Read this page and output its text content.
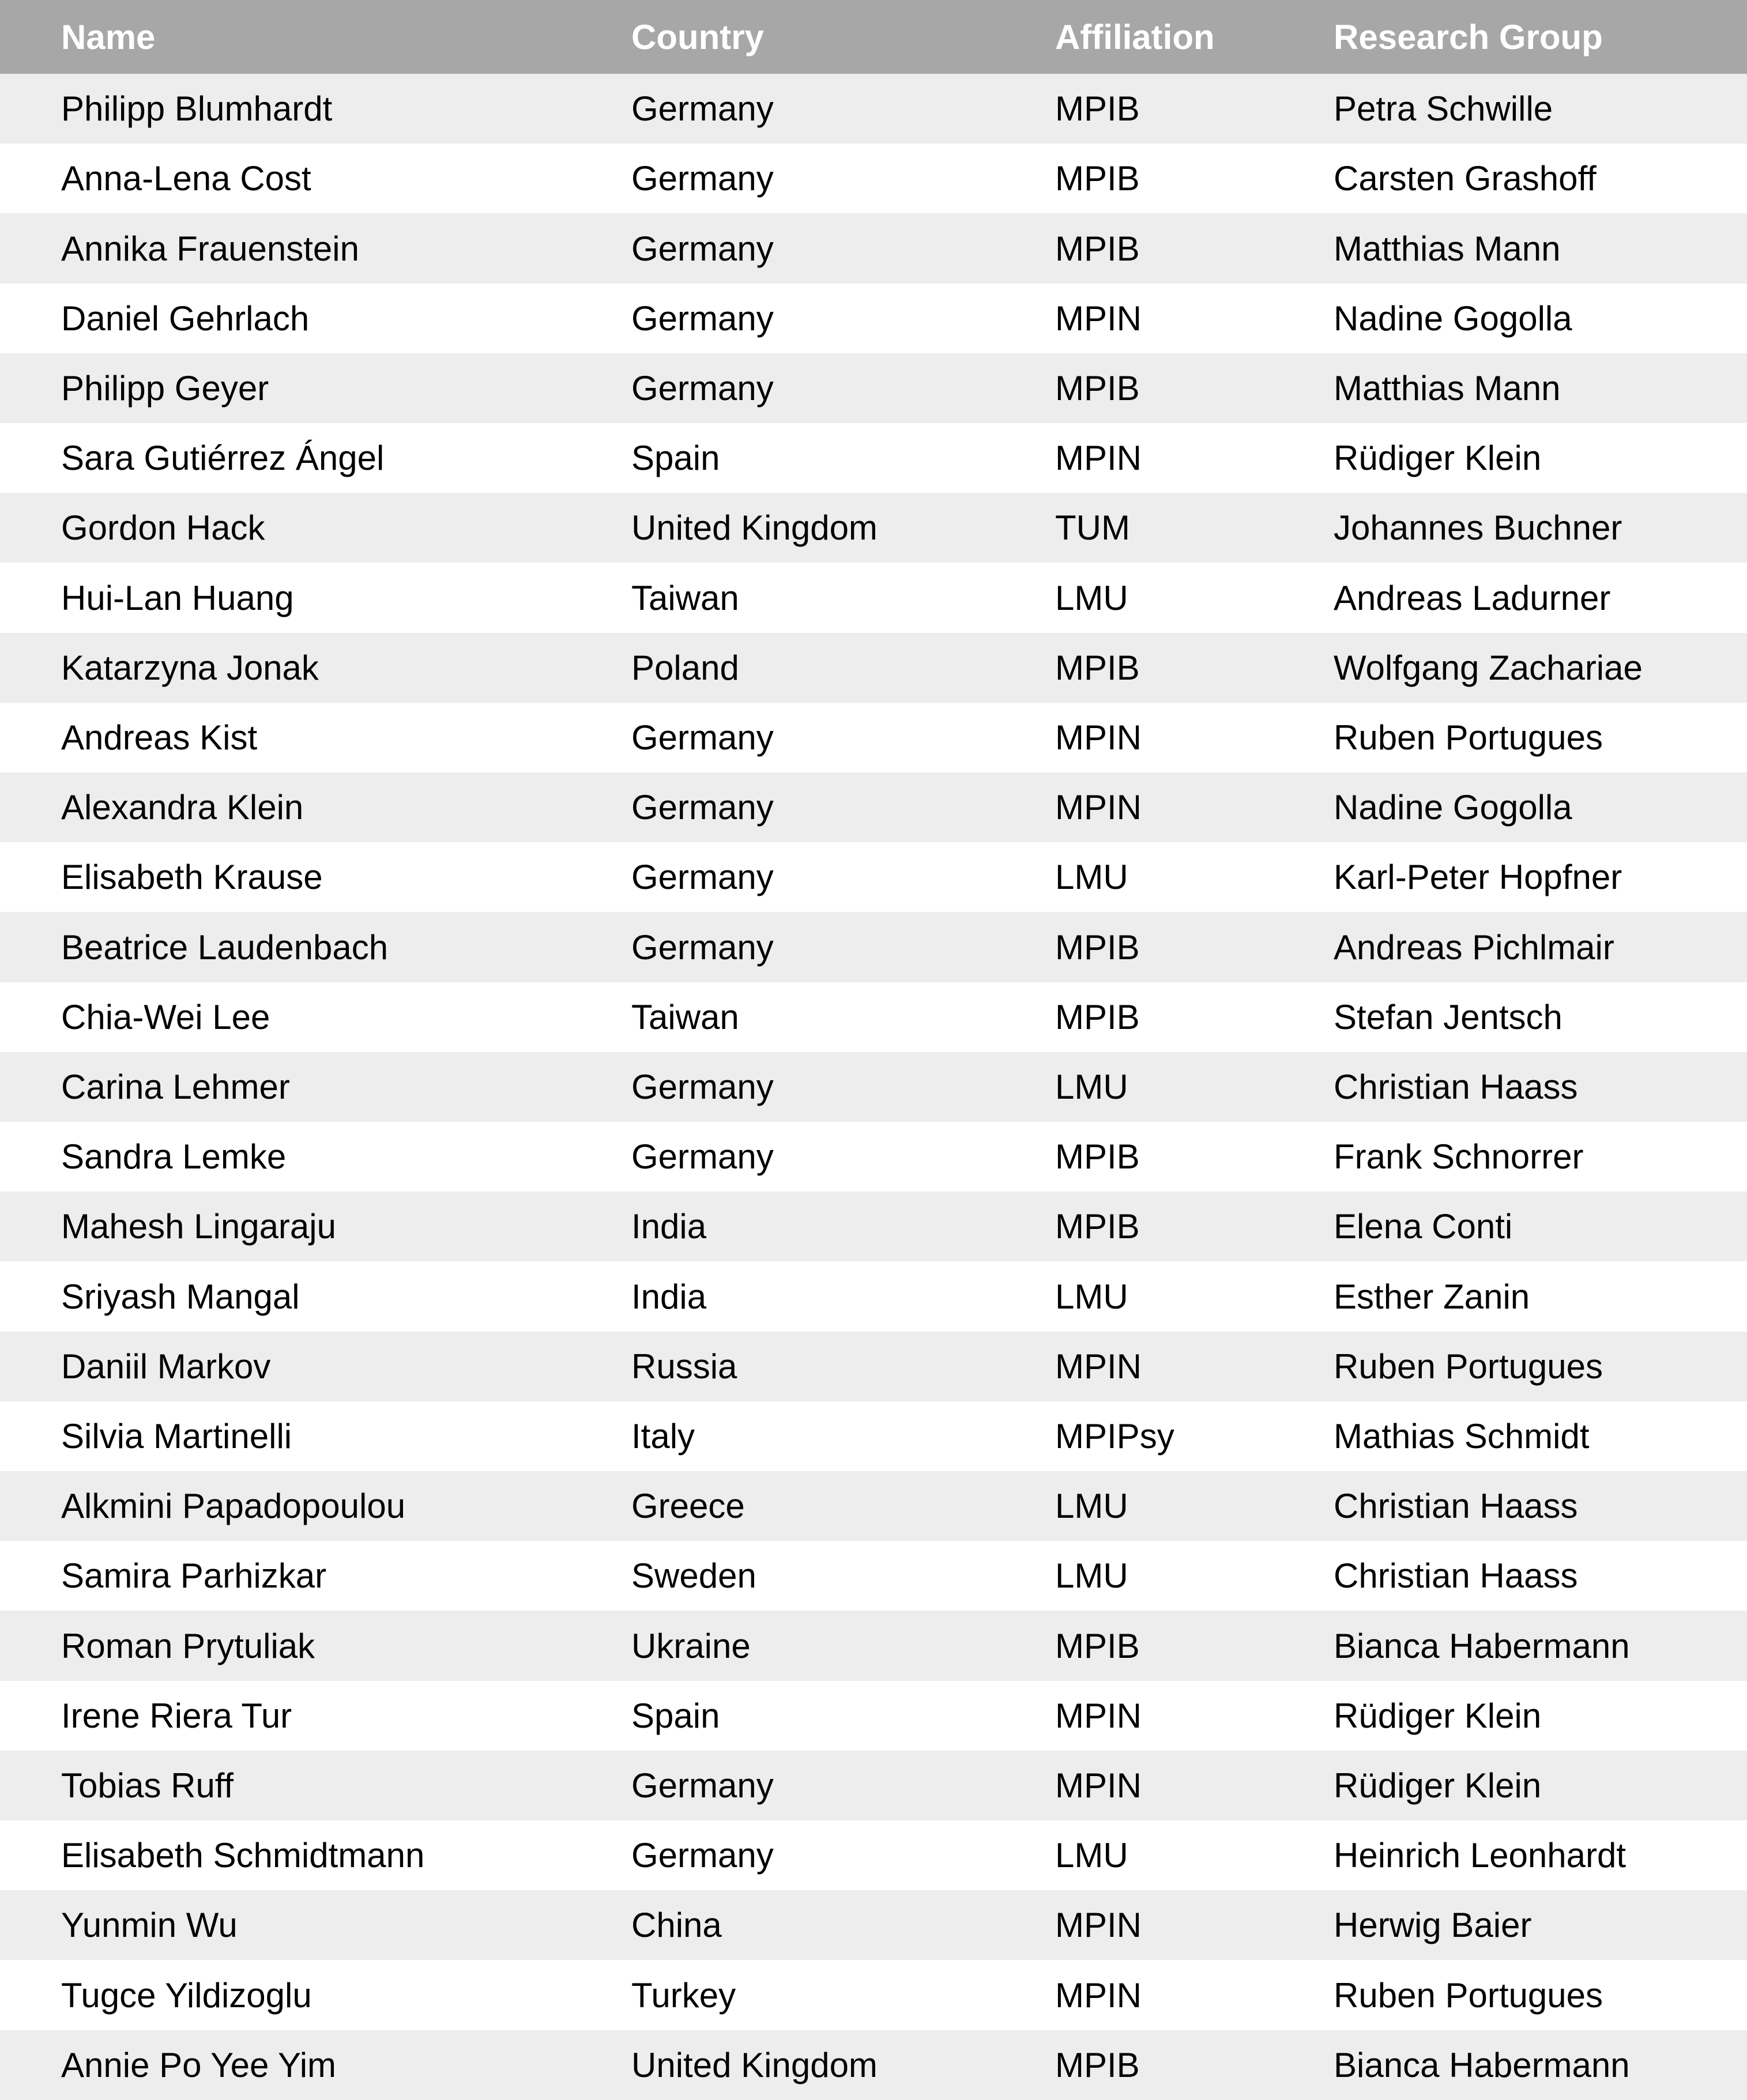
Name	Country	Affiliation	Research Group
Philipp Blumhardt	Germany	MPIB	Petra Schwille
Anna-Lena Cost	Germany	MPIB	Carsten Grashoff
Annika Frauenstein	Germany	MPIB	Matthias Mann
Daniel Gehrlach	Germany	MPIN	Nadine Gogolla
Philipp Geyer	Germany	MPIB	Matthias Mann
Sara Gutiérrez Ángel	Spain	MPIN	Rüdiger Klein
Gordon Hack	United Kingdom	TUM	Johannes Buchner
Hui-Lan Huang	Taiwan	LMU	Andreas Ladurner
Katarzyna Jonak	Poland	MPIB	Wolfgang Zachariae
Andreas Kist	Germany	MPIN	Ruben Portugues
Alexandra Klein	Germany	MPIN	Nadine Gogolla
Elisabeth Krause	Germany	LMU	Karl-Peter Hopfner
Beatrice Laudenbach	Germany	MPIB	Andreas Pichlmair
Chia-Wei Lee	Taiwan	MPIB	Stefan Jentsch
Carina Lehmer	Germany	LMU	Christian Haass
Sandra Lemke	Germany	MPIB	Frank Schnorrer
Mahesh Lingaraju	India	MPIB	Elena Conti
Sriyash Mangal	India	LMU	Esther Zanin
Daniil Markov	Russia	MPIN	Ruben Portugues
Silvia Martinelli	Italy	MPIPsy	Mathias Schmidt
Alkmini Papadopoulou	Greece	LMU	Christian Haass
Samira Parhizkar	Sweden	LMU	Christian Haass
Roman Prytuliak	Ukraine	MPIB	Bianca Habermann
Irene Riera Tur	Spain	MPIN	Rüdiger Klein
Tobias Ruff	Germany	MPIN	Rüdiger Klein
Elisabeth Schmidtmann	Germany	LMU	Heinrich Leonhardt
Yunmin Wu	China	MPIN	Herwig Baier
Tugce Yildizoglu	Turkey	MPIN	Ruben Portugues
Annie Po Yee Yim	United Kingdom	MPIB	Bianca Habermann
